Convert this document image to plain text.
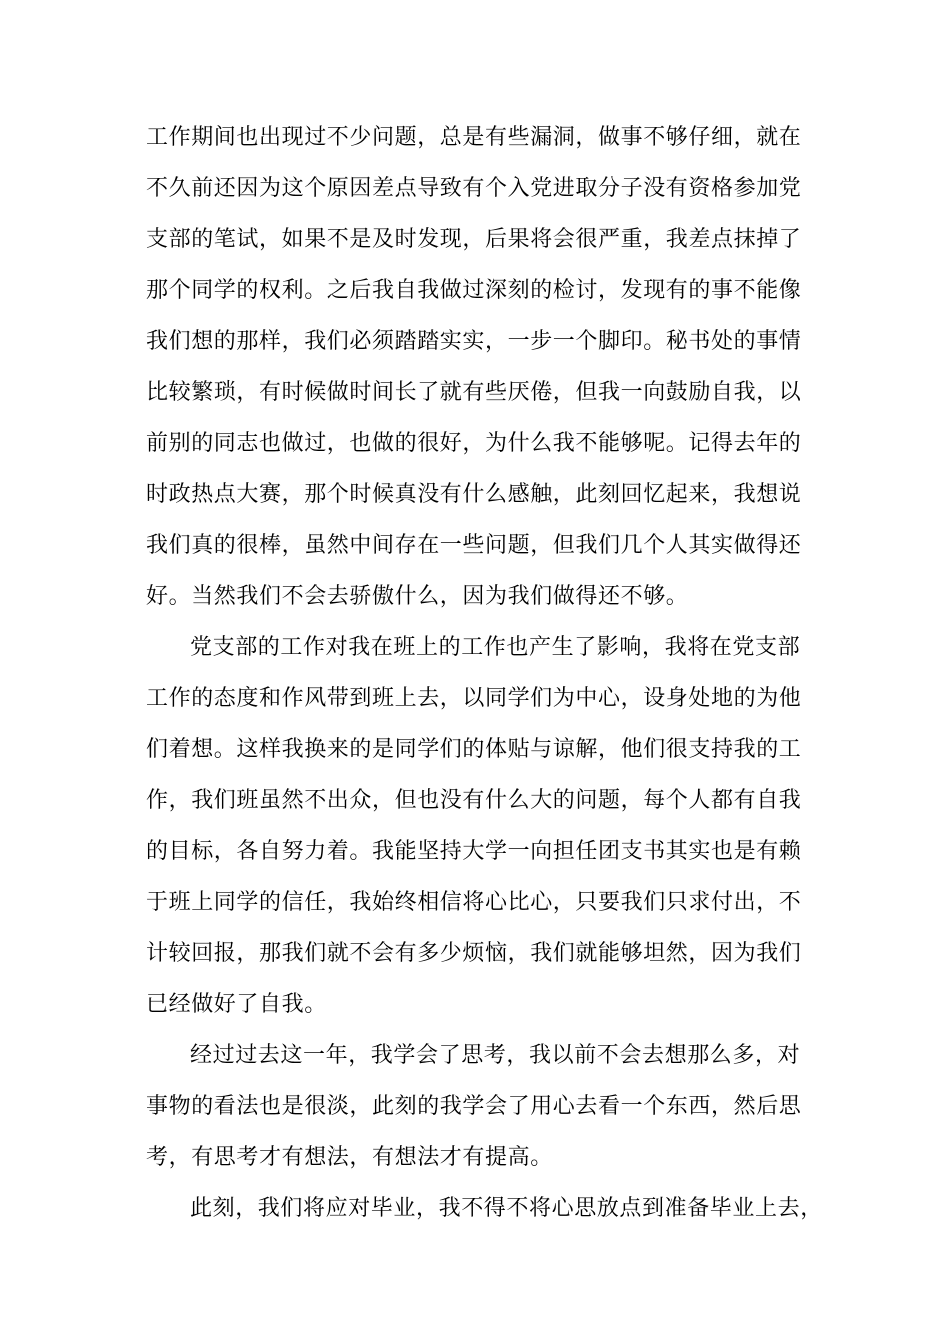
工作期间也出现过不少问题，总是有些漏洞，做事不够仔细，就在
不久前还因为这个原因差点导致有个入党进取分子没有资格参加党
支部的笔试，如果不是及时发现，后果将会很严重，我差点抹掉了
那个同学的权利。之后我自我做过深刻的检讨，发现有的事不能像
我们想的那样，我们必须踏踏实实，一步一个脚印。秘书处的事情
比较繁琐，有时候做时间长了就有些厌倦，但我一向鼓励自我，以
前别的同志也做过，也做的很好，为什么我不能够呢。记得去年的
时政热点大赛，那个时候真没有什么感触，此刻回忆起来，我想说
我们真的很棒，虽然中间存在一些问题，但我们几个人其实做得还
好。当然我们不会去骄傲什么，因为我们做得还不够。
党支部的工作对我在班上的工作也产生了影响，我将在党支部
工作的态度和作风带到班上去，以同学们为中心，设身处地的为他
们着想。这样我换来的是同学们的体贴与谅解，他们很支持我的工
作，我们班虽然不出众，但也没有什么大的问题，每个人都有自我
的目标，各自努力着。我能坚持大学一向担任团支书其实也是有赖
于班上同学的信任，我始终相信将心比心，只要我们只求付出，不
计较回报，那我们就不会有多少烦恼，我们就能够坦然，因为我们
已经做好了自我。
经过过去这一年，我学会了思考，我以前不会去想那么多，对
事物的看法也是很淡，此刻的我学会了用心去看一个东西，然后思
考，有思考才有想法，有想法才有提高。
此刻，我们将应对毕业，我不得不将心思放点到准备毕业上去，
